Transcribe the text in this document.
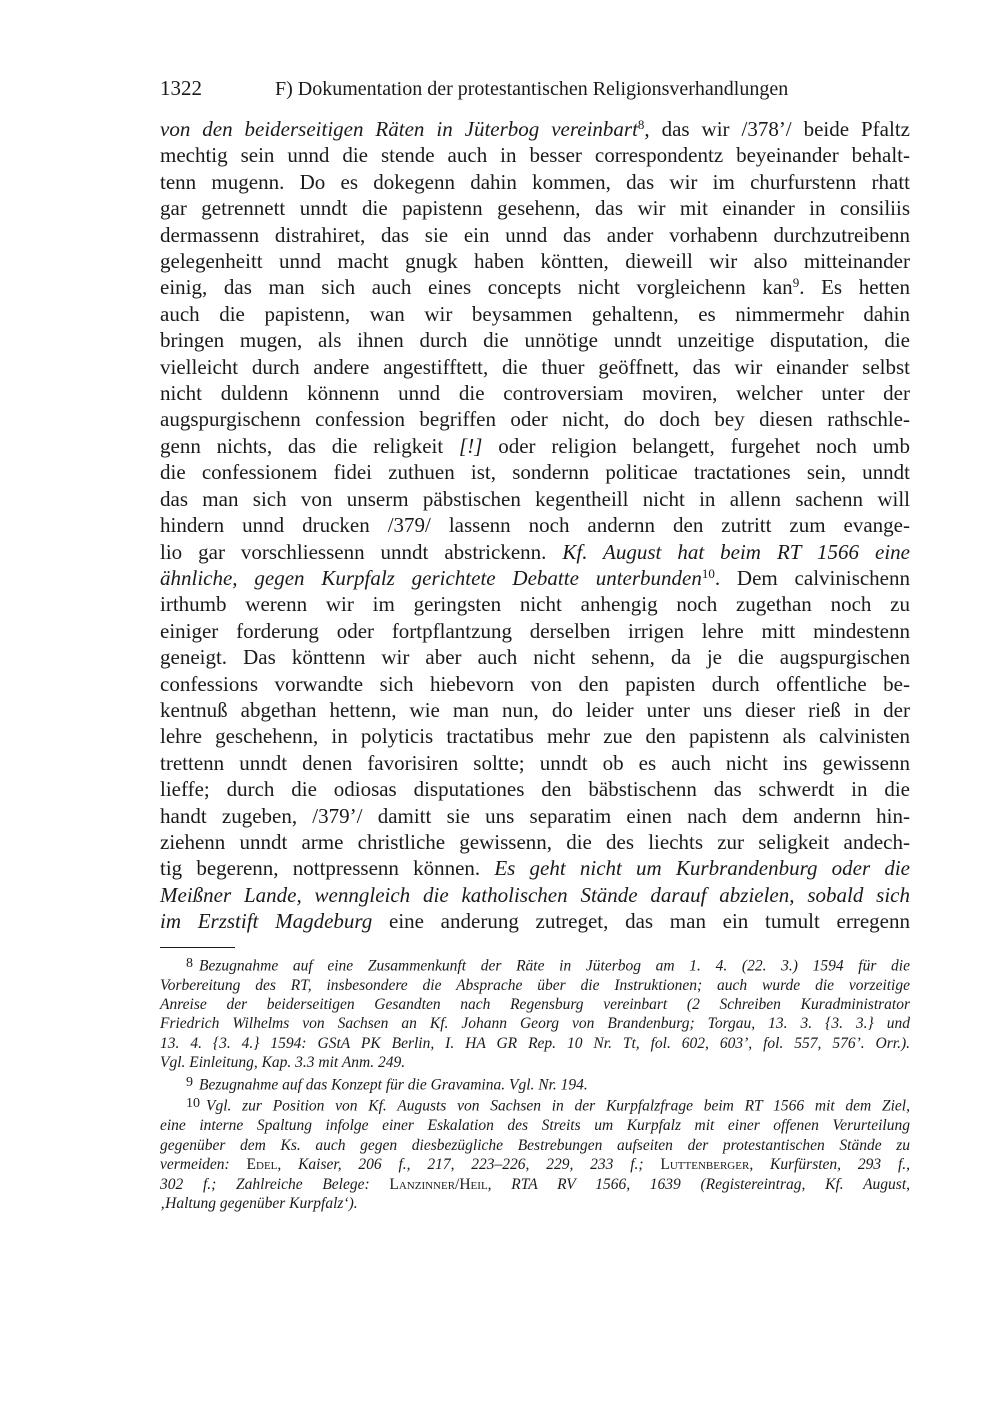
1322	F) Dokumentation der protestantischen Religionsverhandlungen
von den beiderseitigen Räten in Jüterbog vereinbart$^8$, das wir /378’/ beide Pfaltz
mechtig sein unnd die stende auch in besser correspondentz beyeinander behalt-
tenn mugenn. Do es dokegenn dahin kommen, das wir im churfurstenn rhatt
gar getrennett unndt die papistenn gesehenn, das wir mit einander in consiliis
dermassenn distrahiret, das sie ein unnd das ander vorhabenn durchzutreibenn
gelegenheitt unnd macht gnugk haben köntten, dieweill wir also mitteinander
einig, das man sich auch eines concepts nicht vorgleichenn kan$^9$. Es hetten
auch die papistenn, wan wir beysammen gehaltenn, es nimmermehr dahin
bringen mugen, als ihnen durch die unnötige unndt unzeitige disputation, die
vielleicht durch andere angestifftett, die thuer geöffnett, das wir einander selbst
nicht duldenn könnenn unnd die controversiam moviren, welcher unter der
augspurgischenn confession begriffen oder nicht, do doch bey diesen rathschle-
genn nichts, das die religkeit [!] oder religion belangett, furgehet noch umb
die confessionem fidei zuthuen ist, sondernn politicae tractationes sein, unndt
das man sich von unserm päbstischen kegentheill nicht in allenn sachenn will
hindern unnd drucken /379/ lassenn noch andernn den zutritt zum evange-
lio gar vorschliessenn unndt abstrickenn. Kf. August hat beim RT 1566 eine
ähnliche, gegen Kurpfalz gerichtete Debatte unterbunden$^{10}$. Dem calvinischenn
irthumb werenn wir im geringsten nicht anhengig noch zugethan noch zu
einiger forderung oder fortpflantzung derselben irrigen lehre mitt mindestenn
geneigt. Das könttenn wir aber auch nicht sehenn, da je die augspurgischen
confessions vorwandte sich hiebevorn von den papisten durch offentliche be-
kentnuß abgethan hettenn, wie man nun, do leider unter uns dieser rieß in der
lehre geschehenn, in polyticis tractatibus mehr zue den papistenn als calvinisten
trettenn unndt denen favorisiren soltte; unndt ob es auch nicht ins gewissenn
lieffe; durch die odiosas disputationes den bäbstischenn das schwerdt in die
handt zugeben, /379’/ damitt sie uns separatim einen nach dem andernn hin-
ziehenn unndt arme christliche gewissenn, die des liechts zur seligkeit andech-
tig begerenn, nottpressenn können. Es geht nicht um Kurbrandenburg oder die
Meißner Lande, wenngleich die katholischen Stände darauf abzielen, sobald sich
im Erzstift Magdeburg eine anderung zutreget, das man ein tumult erregenn
8 Bezugnahme auf eine Zusammenkunft der Räte in Jüterbog am 1. 4. (22. 3.) 1594 für die
Vorbereitung des RT, insbesondere die Absprache über die Instruktionen; auch wurde die vorzeitige
Anreise der beiderseitigen Gesandten nach Regensburg vereinbart (2 Schreiben Kuradministrator
Friedrich Wilhelms von Sachsen an Kf. Johann Georg von Brandenburg; Torgau, 13. 3. {3. 3.} und
13. 4. {3. 4.} 1594: GStA PK Berlin, I. HA GR Rep. 10 Nr. Tt, fol. 602, 603’, fol. 557, 576’. Orr.).
Vgl. Einleitung, Kap. 3.3 mit Anm. 249.
9 Bezugnahme auf das Konzept für die Gravamina. Vgl. Nr. 194.
10 Vgl. zur Position von Kf. Augusts von Sachsen in der Kurpfalzfrage beim RT 1566 mit dem Ziel,
eine interne Spaltung infolge einer Eskalation des Streits um Kurpfalz mit einer offenen Verurteilung
gegenüber dem Ks. auch gegen diesbezügliche Bestrebungen aufseiten der protestantischen Stände zu
vermeiden: Edel, Kaiser, 206 f., 217, 223–226, 229, 233 f.; Luttenberger, Kurfürsten, 293 f.,
302 f.; Zahlreiche Belege: Lanzinner/Heil, RTA RV 1566, 1639 (Registereintrag, Kf. August,
‚Haltung gegenüber Kurpfalz‘).
